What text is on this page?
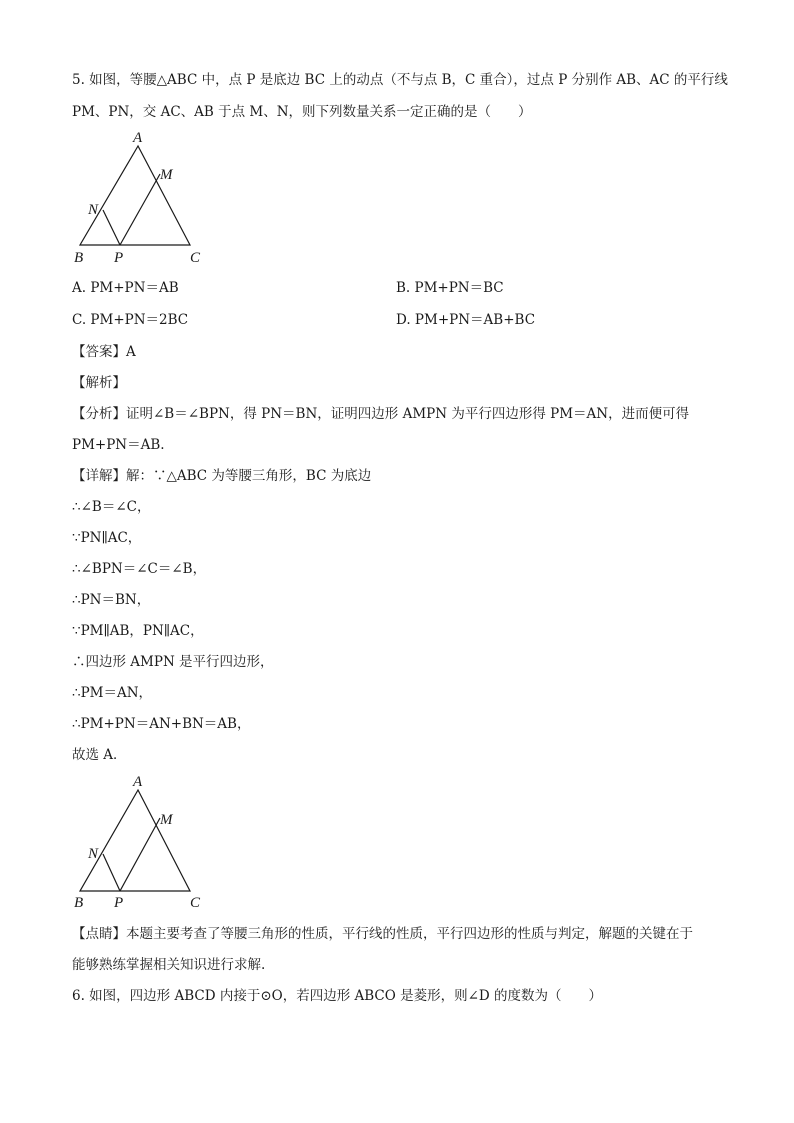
5. 如图，等腰△ABC 中，点 P 是底边 BC 上的动点（不与点 B，C 重合），过点 P 分别作 AB、AC 的平行线
PM、PN，交 AC、AB 于点 M、N，则下列数量关系一定正确的是（　　）
A
M
N
B P	C
A. PM+PN＝AB	B. PM+PN＝BC
C. PM+PN＝2BC	D. PM+PN＝AB+BC
【答案】A
【解析】
【分析】证明∠B＝∠BPN，得 PN＝BN，证明四边形 AMPN 为平行四边形得 PM＝AN，进而便可得
PM+PN＝AB.
【详解】解：∵△ABC 为等腰三角形，BC 为底边
∴∠B＝∠C，
∵PN∥AC，
∴∠BPN＝∠C＝∠B，
∴PN＝BN，
∵PM∥AB，PN∥AC，
∴四边形 AMPN 是平行四边形，
∴PM＝AN，
∴PM+PN＝AN+BN＝AB，
故选 A．
A
M
N
B P	C
【点睛】本题主要考查了等腰三角形的性质，平行线的性质，平行四边形的性质与判定，解题的关键在于
能够熟练掌握相关知识进行求解.
6. 如图，四边形 ABCD 内接于⊙O，若四边形 ABCO 是菱形，则∠D 的度数为（　　）
